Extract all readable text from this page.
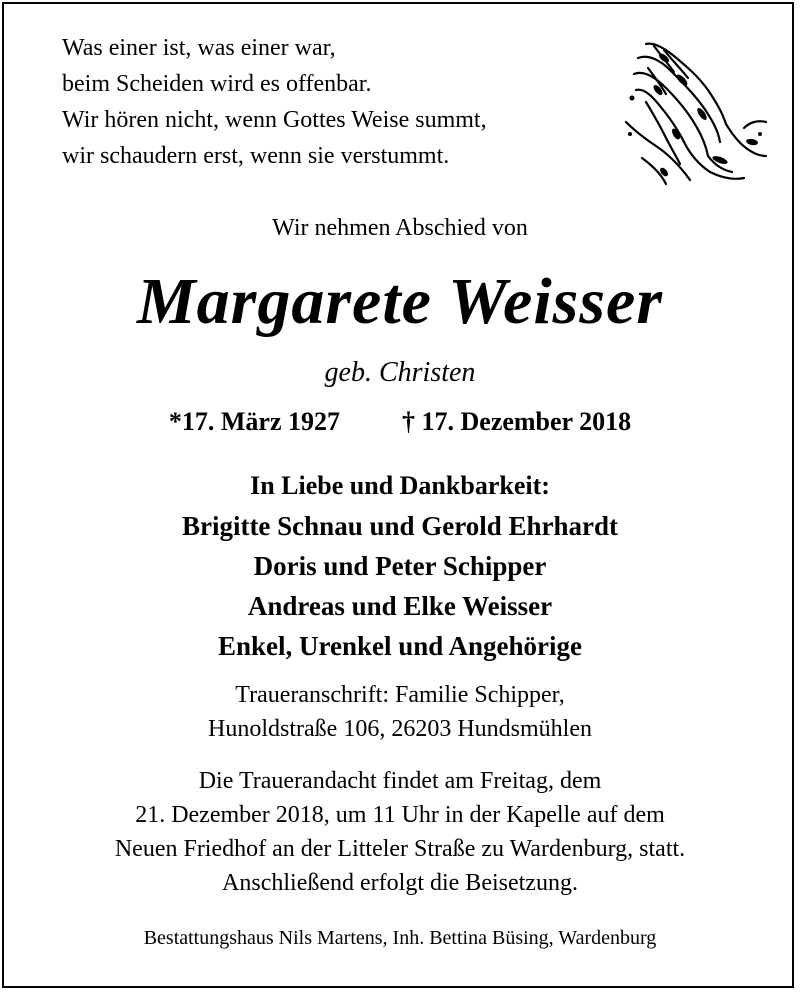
Was einer ist, was einer war,
beim Scheiden wird es offenbar.
Wir hören nicht, wenn Gottes Weise summt,
wir schaudern erst, wenn sie verstummt.
Wir nehmen Abschied von
Margarete Weisser
geb. Christen
*17. März 1927 † 17. Dezember 2018
In Liebe und Dankbarkeit:
Brigitte Schnau und Gerold Ehrhardt
Doris und Peter Schipper
Andreas und Elke Weisser
Enkel, Urenkel und Angehörige
Traueranschrift: Familie Schipper,
Hunoldstraße 106, 26203 Hundsmühlen
Die Trauerandacht findet am Freitag, dem
21. Dezember 2018, um 11 Uhr in der Kapelle auf dem
Neuen Friedhof an der Litteler Straße zu Wardenburg, statt.
Anschließend erfolgt die Beisetzung.
Bestattungshaus Nils Martens, Inh. Bettina Büsing, Wardenburg
